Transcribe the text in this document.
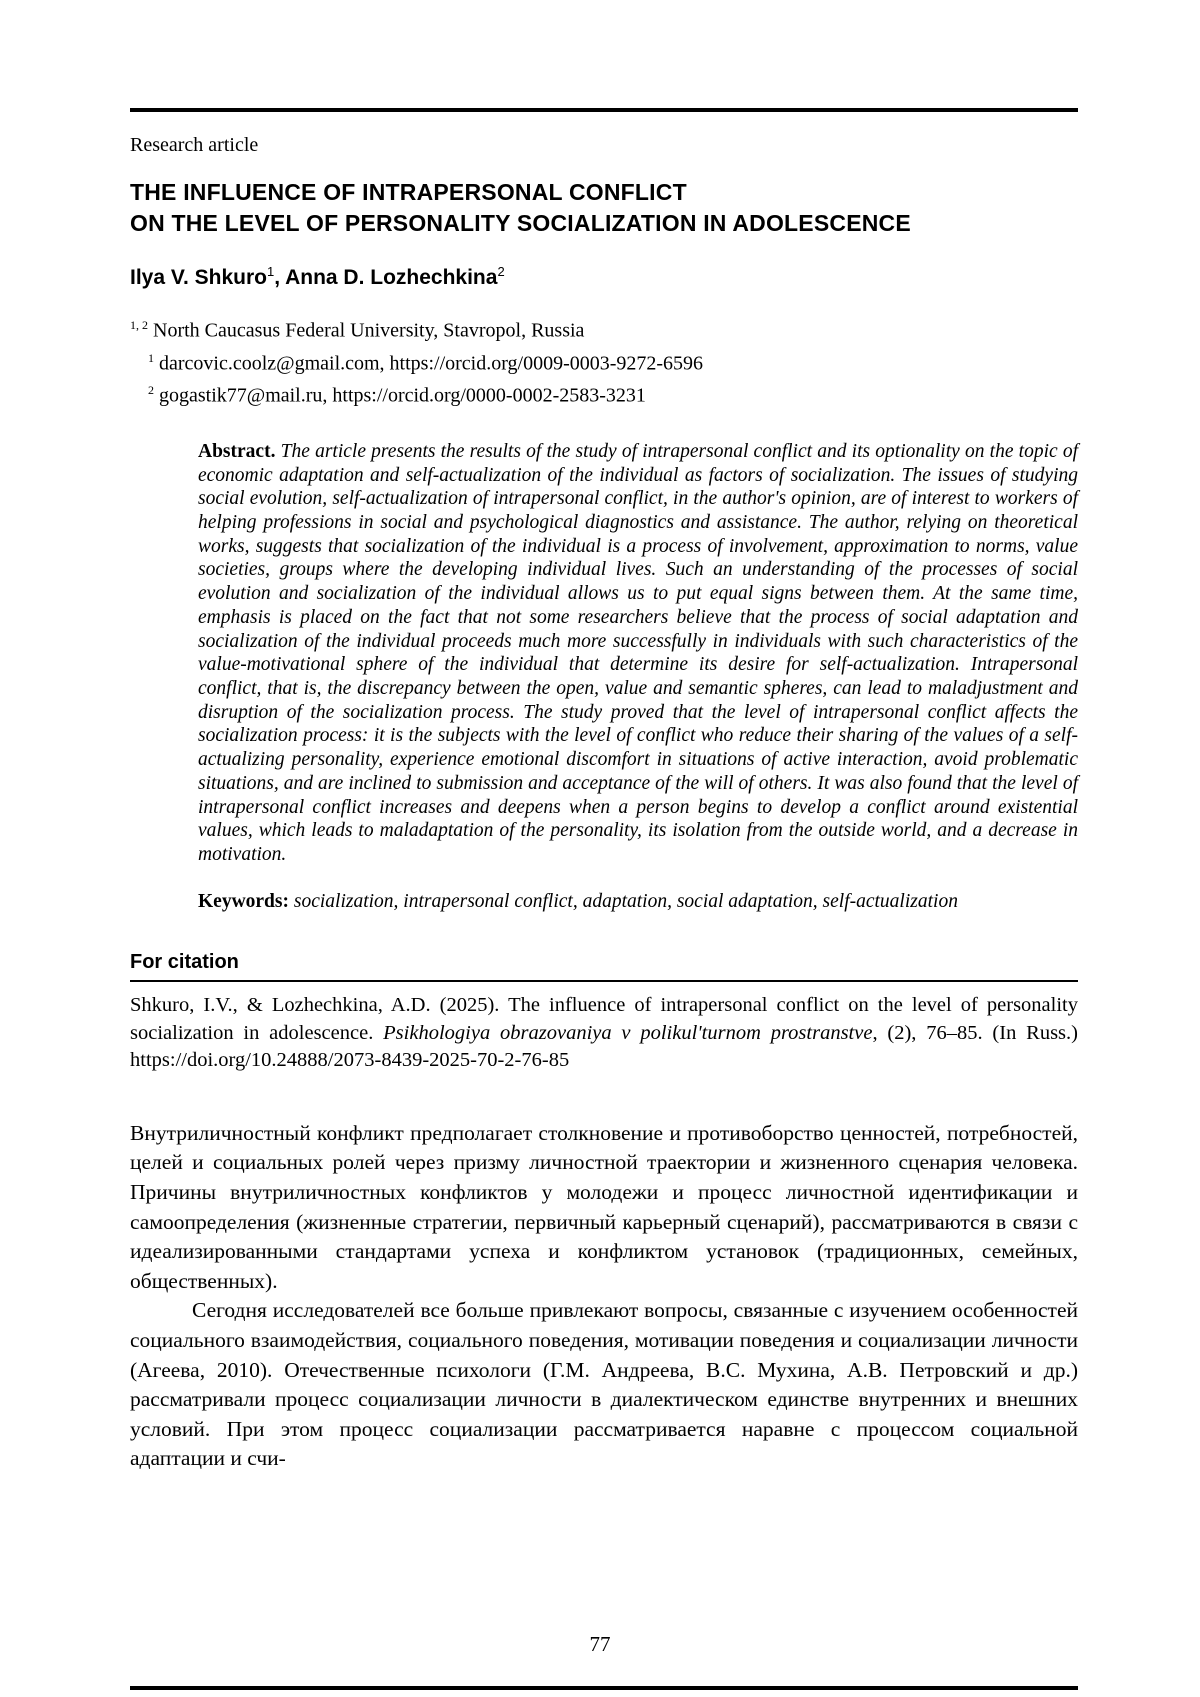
Research article

THE INFLUENCE OF INTRAPERSONAL CONFLICT
ON THE LEVEL OF PERSONALITY SOCIALIZATION IN ADOLESCENCE

Ilya V. Shkuro$^1$, Anna D. Lozhechkina$^2$

$^{1, 2}$ North Caucasus Federal University, Stavropol, Russia

$^1$ darcovic.coolz@gmail.com, https://orcid.org/0009-0003-9272-6596

$^2$ gogastik77@mail.ru, https://orcid.org/0000-0002-2583-3231

Abstract. The article presents the results of the study of intrapersonal conflict and its optionality on the topic of economic adaptation and self-actualization of the individual as factors of socialization. The issues of studying social evolution, self-actualization of intrapersonal conflict, in the author's opinion, are of interest to workers of helping professions in social and psychological diagnostics and assistance. The author, relying on theoretical works, suggests that socialization of the individual is a process of involvement, approximation to norms, value societies, groups where the developing individual lives. Such an understanding of the processes of social evolution and socialization of the individual allows us to put equal signs between them. At the same time, emphasis is placed on the fact that not some researchers believe that the process of social adaptation and socialization of the individual proceeds much more successfully in individuals with such characteristics of the value-motivational sphere of the individual that determine its desire for self-actualization. Intrapersonal conflict, that is, the discrepancy between the open, value and semantic spheres, can lead to maladjustment and disruption of the socialization process. The study proved that the level of intrapersonal conflict affects the socialization process: it is the subjects with the level of conflict who reduce their sharing of the values of a self-actualizing personality, experience emotional discomfort in situations of active interaction, avoid problematic situations, and are inclined to submission and acceptance of the will of others. It was also found that the level of intrapersonal conflict increases and deepens when a person begins to develop a conflict around existential values, which leads to maladaptation of the personality, its isolation from the outside world, and a decrease in motivation.

Keywords: socialization, intrapersonal conflict, adaptation, social adaptation, self-actualization

For citation

Shkuro, I.V., & Lozhechkina, A.D. (2025). The influence of intrapersonal conflict on the level of personality socialization in adolescence. Psikhologiya obrazovaniya v polikul'turnom prostranstve, (2), 76–85. (In Russ.) https://doi.org/10.24888/2073-8439-2025-70-2-76-85

Внутриличностный конфликт предполагает столкновение и противоборство ценностей, потребностей, целей и социальных ролей через призму личностной траектории и жизненного сценария человека. Причины внутриличностных конфликтов у молодежи и процесс личностной идентификации и самоопределения (жизненные стратегии, первичный карьерный сценарий), рассматриваются в связи с идеализированными стандартами успеха и конфликтом установок (традиционных, семейных, общественных).

Сегодня исследователей все больше привлекают вопросы, связанные с изучением особенностей социального взаимодействия, социального поведения, мотивации поведения и социализации личности (Агеева, 2010). Отечественные психологи (Г.М. Андреева, В.С. Мухина, А.В. Петровский и др.) рассматривали процесс социализации личности в диалектическом единстве внутренних и внешних условий. При этом процесс социализации рассматривается наравне с процессом социальной адаптации и счи-

77
